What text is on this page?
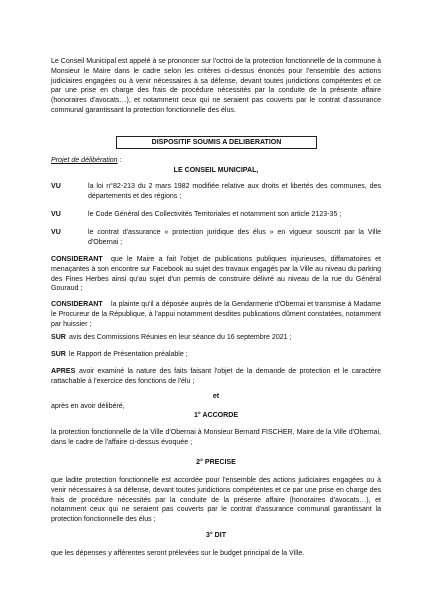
Le Conseil Municipal est appelé à se prononcer sur l'octroi de la protection fonctionnelle de la commune à Monsieur le Maire dans le cadre selon les critères ci-dessus énoncés pour l'ensemble des actions judiciaires engagées ou à venir nécessaires à sa défense, devant toutes juridictions compétentes et ce par une prise en charge des frais de procédure nécessités par la conduite de la présente affaire (honoraires d'avocats…), et notamment ceux qui ne seraient pas couverts par le contrat d'assurance communal garantissant la protection fonctionnelle des élus.

DISPOSITIF SOUMIS A DELIBERATION

Projet de délibération :

LE CONSEIL MUNICIPAL,

VU	la loi n°82-213 du 2 mars 1982 modifiée relative aux droits et libertés des communes, des départements et des régions ;
VU	le Code Général des Collectivités Territoriales et notamment son article 2123-35 ;
VU	le contrat d'assurance « protection juridique des élus » en vigueur souscrit par la Ville d'Obernai ;
CONSIDERANT	que le Maire a fait l'objet de publications publiques injurieuses, diffamatoires et menaçantes à son encontre sur Facebook au sujet des travaux engagés par la Ville au niveau du parking des Fines Herbes ainsi qu'au sujet d'un permis de construire délivré au niveau de la rue du Général Gouraud ;
CONSIDERANT	la plainte qu'il a déposée auprès de la Gendarmerie d'Obernai et transmise à Madame le Procureur de la République, à l'appui notamment desdites publications dûment constatées, notamment par huissier ;
SUR avis des Commissions Réunies en leur séance du 16 septembre 2021 ;
SUR le Rapport de Présentation préalable ;
APRES avoir examiné la nature des faits faisant l'objet de la demande de protection et le caractère rattachable à l'exercice des fonctions de l'élu ;

et

après en avoir délibéré,

1° ACCORDE

la protection fonctionnelle de la Ville d'Obernai à Monsieur Bernard FISCHER, Maire de la Ville d'Obernai, dans le cadre de l'affaire ci-dessus évoquée ;

2° PRECISE

que ladite protection fonctionnelle est accordée pour l'ensemble des actions judiciaires engagées ou à venir nécessaires à sa défense, devant toutes juridictions compétentes et ce par une prise en charge des frais de procédure nécessités par la conduite de la présente affaire (honoraires d'avocats…), et notamment ceux qui ne seraient pas couverts par le contrat d'assurance communal garantissant la protection fonctionnelle des élus ;

3° DIT

que les dépenses y afférentes seront prélevées sur le budget principal de la Ville.
